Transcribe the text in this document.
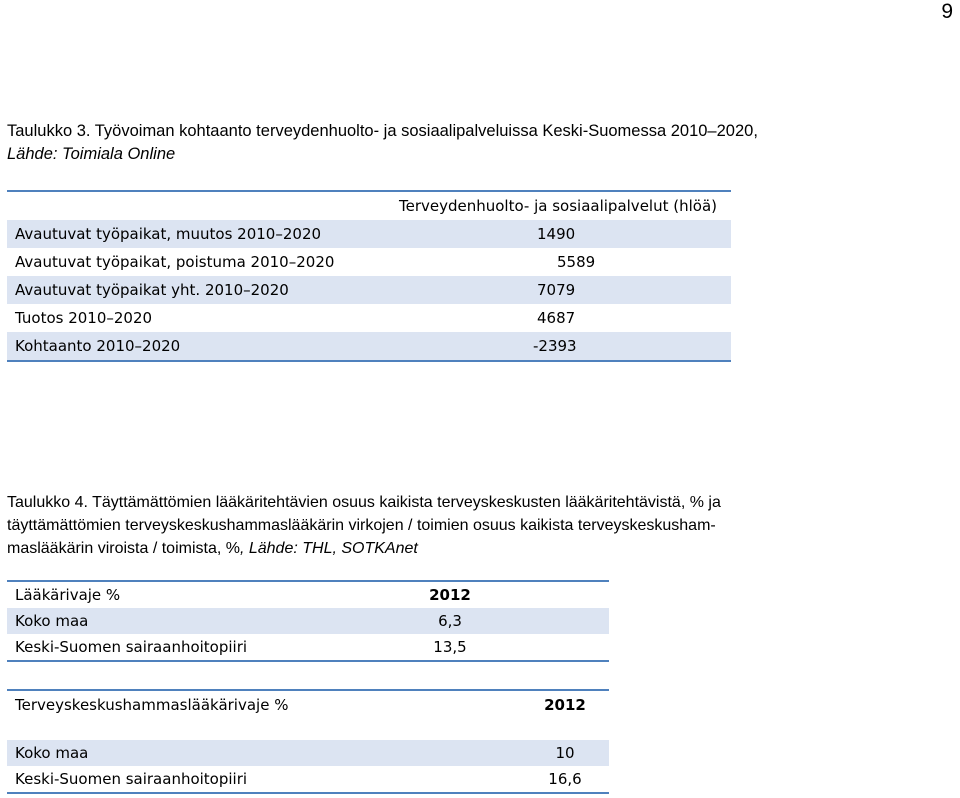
9
Taulukko 3. Työvoiman kohtaanto terveydenhuolto- ja sosiaalipalveluissa Keski-Suomessa 2010–2020,
Lähde: Toimiala Online
	Terveydenhuolto- ja sosiaalipalvelut (hlöä)
Avautuvat työpaikat, muutos 2010–2020	1490
Avautuvat työpaikat, poistuma 2010–2020	5589
Avautuvat työpaikat yht. 2010–2020	7079
Tuotos 2010–2020	4687
Kohtaanto 2010–2020	-2393
Taulukko 4. Täyttämättömien lääkäritehtävien osuus kaikista terveyskeskusten lääkäritehtävistä, % ja
täyttämättömien terveyskeskushammaslääkärin virkojen / toimien osuus kaikista terveyskeskusham-
maslääkärin viroista / toimista, %, Lähde: THL, SOTKAnet
Lääkärivaje %	2012	
Koko maa	6,3	
Keski-Suomen sairaanhoitopiiri	13,5	
Terveyskeskushammaslääkärivaje %		2012	
Koko maa		10	
Keski-Suomen sairaanhoitopiiri		16,6	
